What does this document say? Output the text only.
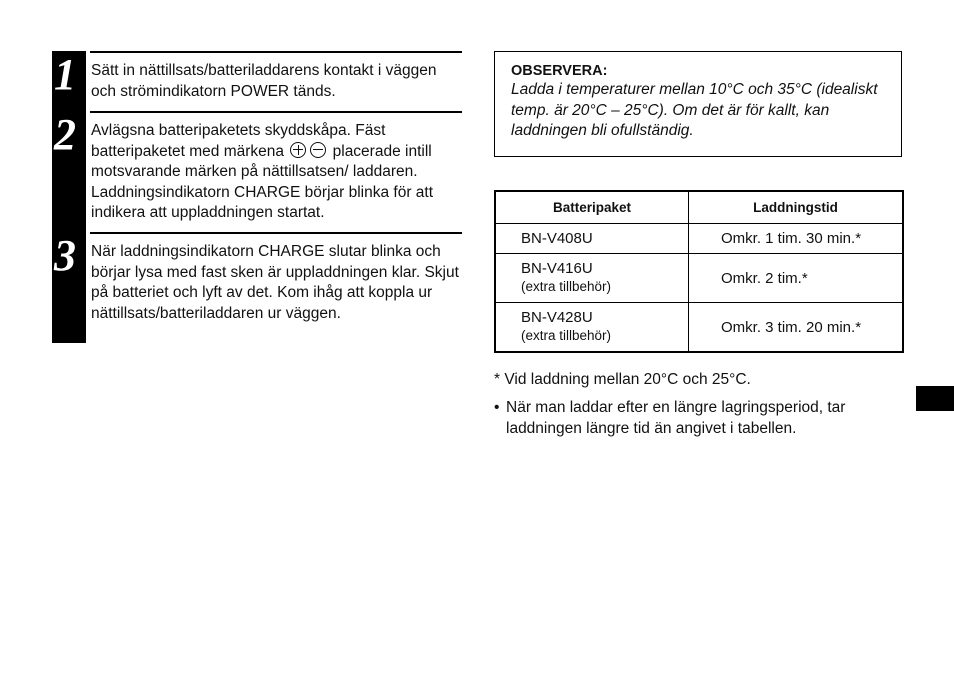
1 Sätt in nättillsats/batteriladdarens kontakt i väggen och strömindikatorn POWER tänds.
2 Avlägsna batteripaketets skyddskåpa. Fäst batteripaketet med märkena	placerade intill motsvarande märken på nättillsatsen/ laddaren. Laddningsindikatorn CHARGE börjar blinka för att indikera att uppladdningen startat.
3 När laddningsindikatorn CHARGE slutar blinka och börjar lysa med fast sken är uppladdningen klar. Skjut på batteriet och lyft av det. Kom ihåg att koppla ur nättillsats/batteriladdaren ur väggen.
OBSERVERA:
Ladda i temperaturer mellan 10°C och 35°C (idealiskt temp. är 20°C – 25°C). Om det är för kallt, kan laddningen bli ofullständig.
Batteripaket	Laddningstid
BN-V408U	Omkr. 1 tim. 30 min.*
BN-V416U
(extra tillbehör)	Omkr. 2 tim.*
BN-V428U
(extra tillbehör)	Omkr. 3 tim. 20 min.*
* Vid laddning mellan 20°C och 25°C.
• När man laddar efter en längre lagringsperiod, tar laddningen längre tid än angivet i tabellen.
